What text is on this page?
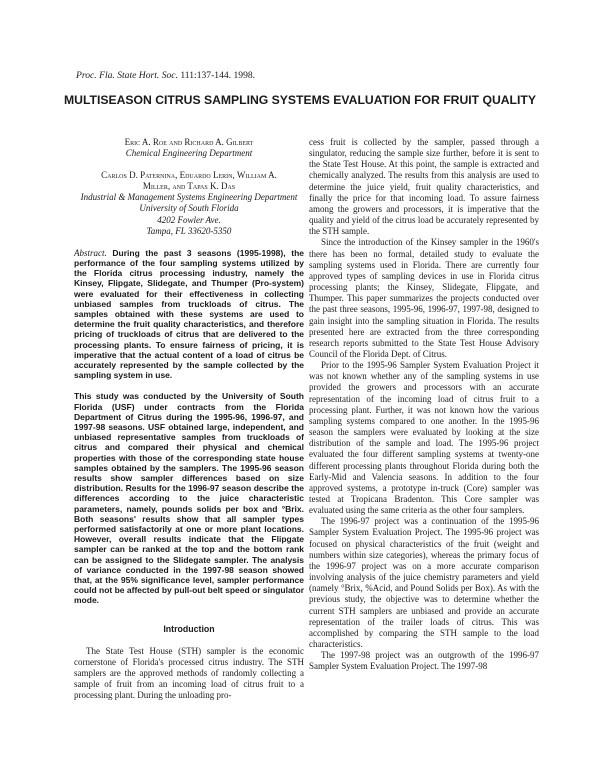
Proc. Fla. State Hort. Soc. 111:137-144. 1998.
MULTISEASON CITRUS SAMPLING SYSTEMS EVALUATION FOR FRUIT QUALITY
Eric A. Roe and Richard A. Gilbert
Chemical Engineering Department
Carlos D. Paternina, Eduardo Lerin, William A.
Miller, and Tapas K. Das
Industrial & Management Systems Engineering Department
University of South Florida
4202 Fowler Ave.
Tampa, FL 33620-5350

Abstract. During the past 3 seasons (1995-1998), the performance of the four sampling systems utilized by the Florida citrus processing industry, namely the Kinsey, Flipgate, Slidegate, and Thumper (Pro-system) were evaluated for their effectiveness in collecting unbiased samples from truckloads of citrus. The samples obtained with these systems are used to determine the fruit quality characteristics, and therefore pricing of truckloads of citrus that are delivered to the processing plants. To ensure fairness of pricing, it is imperative that the actual content of a load of citrus be accurately represented by the sample collected by the sampling system in use.

This study was conducted by the University of South Florida (USF) under contracts from the Florida Department of Citrus during the 1995-96, 1996-97, and 1997-98 seasons. USF obtained large, independent, and unbiased representative samples from truckloads of citrus and compared their physical and chemical properties with those of the corresponding state house samples obtained by the samplers. The 1995-96 season results show sampler differences based on size distribution. Results for the 1996-97 season describe the differences according to the juice characteristic parameters, namely, pounds solids per box and °Brix. Both seasons' results show that all sampler types performed satisfactorily at one or more plant locations. However, overall results indicate that the Flipgate sampler can be ranked at the top and the bottom rank can be assigned to the Slidegate sampler. The analysis of variance conducted in the 1997-98 season showed that, at the 95% significance level, sampler performance could not be affected by pull-out belt speed or singulator mode.

Introduction

The State Test House (STH) sampler is the economic cornerstone of Florida's processed citrus industry. The STH samplers are the approved methods of randomly collecting a sample of fruit from an incoming load of citrus fruit to a processing plant. During the unloading pro-

cess fruit is collected by the sampler, passed through a singulator, reducing the sample size further, before it is sent to the State Test House. At this point, the sample is extracted and chemically analyzed. The results from this analysis are used to determine the juice yield, fruit quality characteristics, and finally the price for that incoming load. To assure fairness among the growers and processors, it is imperative that the quality and yield of the citrus load be accurately represented by the STH sample.

Since the introduction of the Kinsey sampler in the 1960's there has been no formal, detailed study to evaluate the sampling systems used in Florida. There are currently four approved types of sampling devices in use in Florida citrus processing plants; the Kinsey, Slidegate, Flipgate, and Thumper. This paper summarizes the projects conducted over the past three seasons, 1995-96, 1996-97, 1997-98, designed to gain insight into the sampling situation in Florida. The results presented here are extracted from the three corresponding research reports submitted to the State Test House Advisory Council of the Florida Dept. of Citrus.

Prior to the 1995-96 Sampler System Evaluation Project it was not known whether any of the sampling systems in use provided the growers and processors with an accurate representation of the incoming load of citrus fruit to a processing plant. Further, it was not known how the various sampling systems compared to one another. In the 1995-96 season the samplers were evaluated by looking at the size distribution of the sample and load. The 1995-96 project evaluated the four different sampling systems at twenty-one different processing plants throughout Florida during both the Early-Mid and Valencia seasons. In addition to the four approved systems, a prototype in-truck (Core) sampler was tested at Tropicana Bradenton. This Core sampler was evaluated using the same criteria as the other four samplers.

The 1996-97 project was a continuation of the 1995-96 Sampler System Evaluation Project. The 1995-96 project was focused on physical characteristics of the fruit (weight and numbers within size categories), whereas the primary focus of the 1996-97 project was on a more accurate comparison involving analysis of the juice chemistry parameters and yield (namely °Brix, %Acid, and Pound Solids per Box). As with the previous study, the objective was to determine whether the current STH samplers are unbiased and provide an accurate representation of the trailer loads of citrus. This was accomplished by comparing the STH sample to the load characteristics.

The 1997-98 project was an outgrowth of the 1996-97 Sampler System Evaluation Project. The 1997-98
